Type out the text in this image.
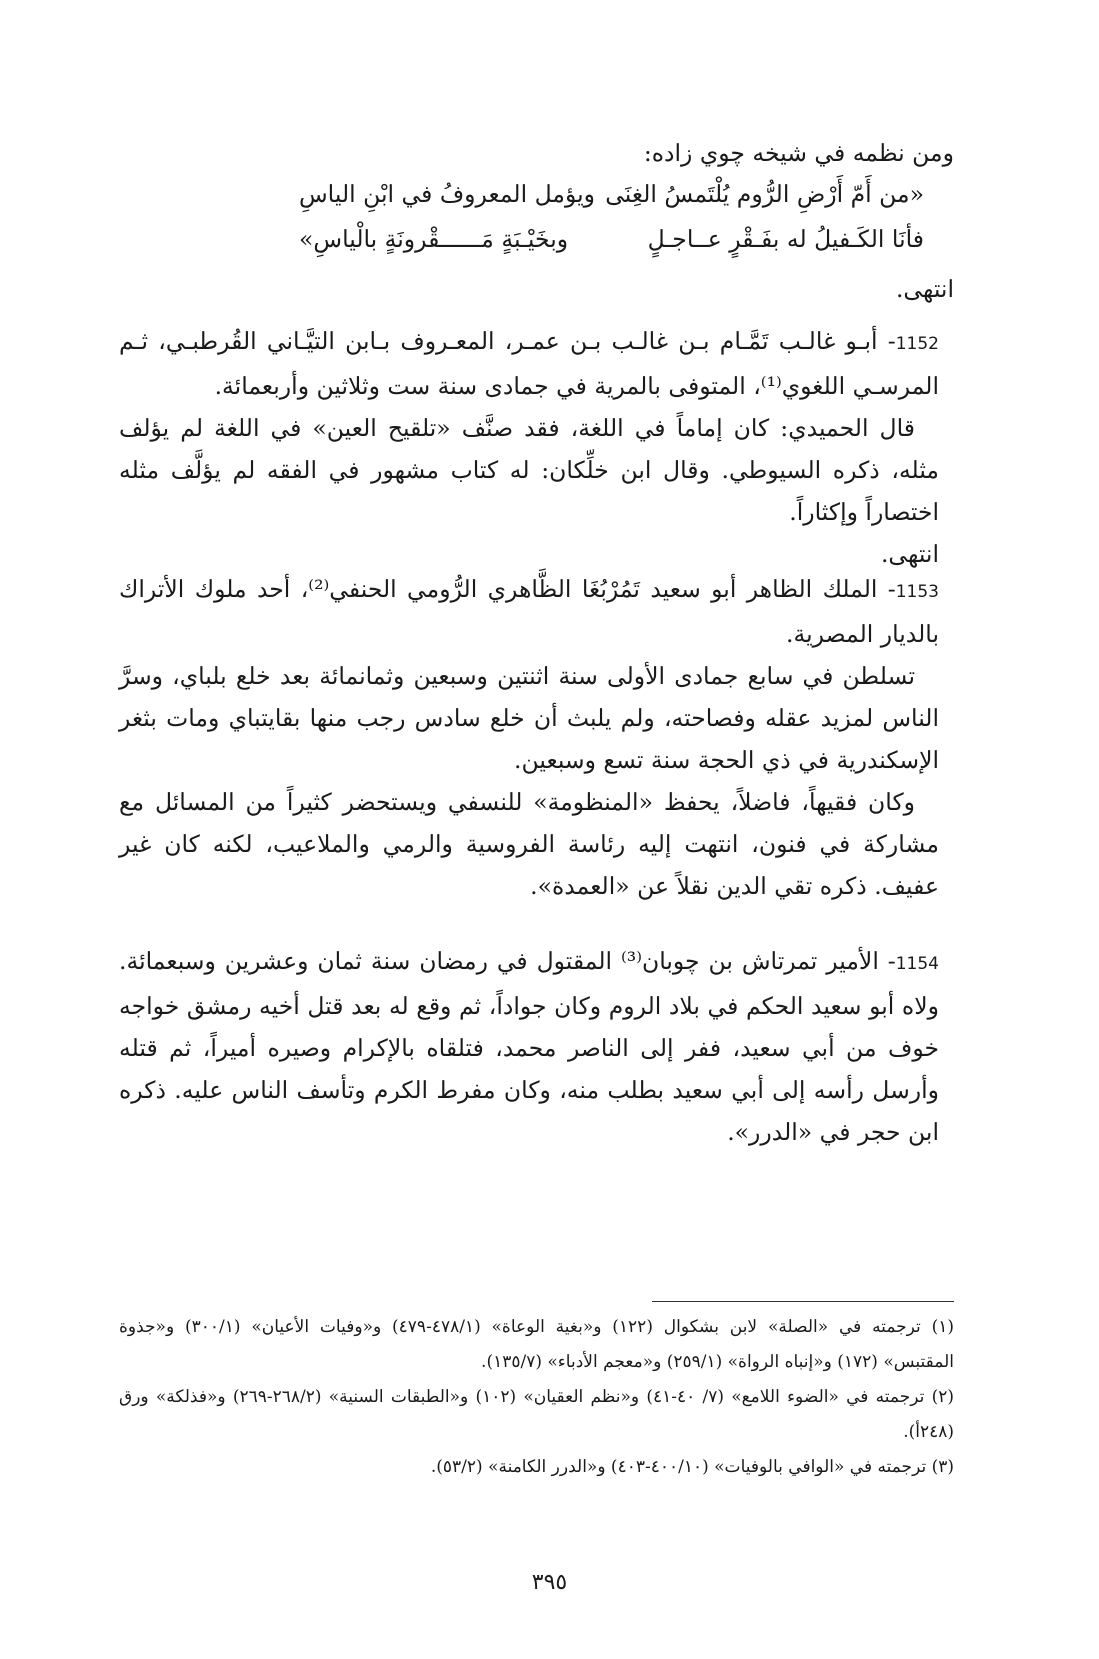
ومن نظمه في شيخه چوي زاده:
«من أَمّ أَرْضِ الرُّوم يُلْتَمسُ الغِنَى
ويؤمل المعروفُ في ابْنِ الياسِ
فأنَا الكَـفيلُ له بفَـقْرٍ عــاجـلٍ
وبخَيْـبَةٍ مَــــــقْرونَةٍ بالْياسِ»
انتهى.

1152- أبـو غالـب تَمَّـام بـن غالـب بـن عمـر، المعـروف بـابن التيَّـاني القُرطبـي، ثـم المرسـي اللغوي⁽¹⁾، المتوفى بالمرية في جمادى سنة ست وثلاثين وأربعمائة.

قال الحميدي: كان إماماً في اللغة، فقد صنَّف «تلقيح العين» في اللغة لم يؤلف مثله، ذكره السيوطي. وقال ابن خلِّكان: له كتاب مشهور في الفقه لم يؤلَّف مثله اختصاراً وإكثاراً.

انتهى.

1153- الملك الظاهر أبو سعيد تَمُرْبُغَا الظَّاهري الرُّومي الحنفي⁽²⁾، أحد ملوك الأتراك بالديار المصرية.

تسلطن في سابع جمادى الأولى سنة اثنتين وسبعين وثمانمائة بعد خلع بلباي، وسرَّ الناس لمزيد عقله وفصاحته، ولم يلبث أن خلع سادس رجب منها بقايتباي ومات بثغر الإسكندرية في ذي الحجة سنة تسع وسبعين.

وكان فقيهاً، فاضلاً، يحفظ «المنظومة» للنسفي ويستحضر كثيراً من المسائل مع مشاركة في فنون، انتهت إليه رئاسة الفروسية والرمي والملاعيب، لكنه كان غير عفيف. ذكره تقي الدين نقلاً عن «العمدة».

1154- الأمير تمرتاش بن چوبان⁽³⁾ المقتول في رمضان سنة ثمان وعشرين وسبعمائة. ولاه أبو سعيد الحكم في بلاد الروم وكان جواداً، ثم وقع له بعد قتل أخيه رمشق خواجه خوف من أبي سعيد، ففر إلى الناصر محمد، فتلقاه بالإكرام وصيره أميراً، ثم قتله وأرسل رأسه إلى أبي سعيد بطلب منه، وكان مفرط الكرم وتأسف الناس عليه. ذكره ابن حجر في «الدرر».

(١) ترجمته في «الصلة» لابن بشكوال (١٢٢) و«بغية الوعاة» (٤٧٨/١-٤٧٩) و«وفيات الأعيان» (٣٠٠/١) و«جذوة المقتبس» (١٧٢) و«إنباه الرواة» (٢٥٩/١) و«معجم الأدباء» (١٣٥/٧).

(٢) ترجمته في «الضوء اللامع» (٧/ ٤٠-٤١) و«نظم العقيان» (١٠٢) و«الطبقات السنية» (٢٦٨/٢-٢٦٩) و«فذلكة» ورق (٢٤٨أ).

(٣) ترجمته في «الوافي بالوفيات» (٤٠٠/١٠-٤٠٣) و«الدرر الكامنة» (٥٣/٢).

٣٩٥
